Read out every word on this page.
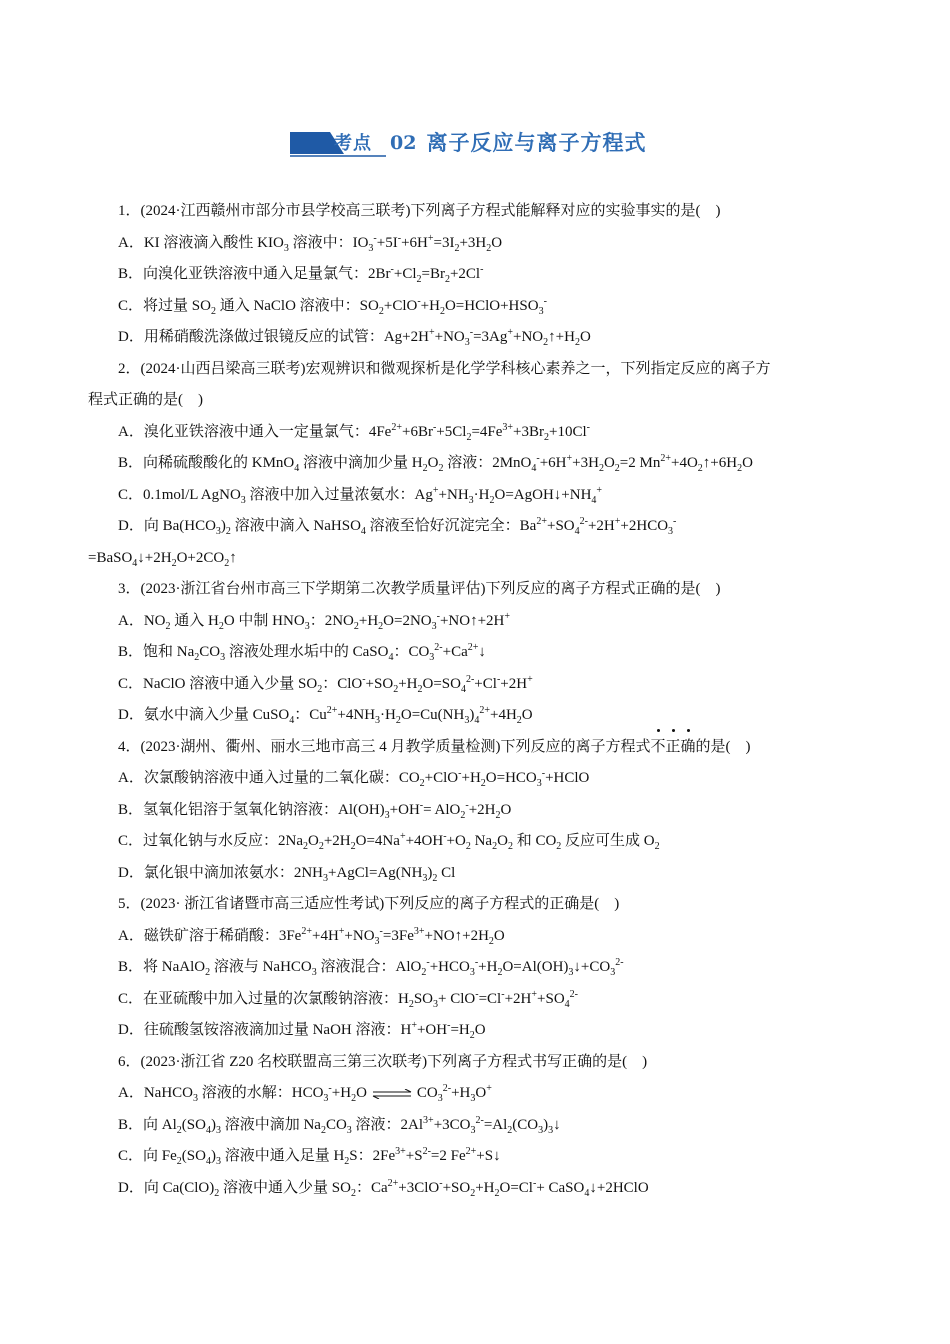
考点 02 离子反应与离子方程式
1．(2024·江西赣州市部分市县学校高三联考)下列离子方程式能解释对应的实验事实的是(　)
A．KI 溶液滴入酸性 $KIO_3$ 溶液中：$IO_3^-+5I^-+6H^+=3I_2+3H_2O$
B．向溴化亚铁溶液中通入足量氯气：$2Br^-+Cl_2=Br_2+2Cl^-$
C．将过量 $SO_2$ 通入 NaClO 溶液中：$SO_2+ClO^-+H_2O=HClO+HSO_3^-$
D．用稀硝酸洗涤做过银镜反应的试管：$Ag+2H^++NO_3^-=3Ag^++NO_2↑+H_2O$
2．(2024·山西吕梁高三联考)宏观辨识和微观探析是化学学科核心素养之一，下列指定反应的离子方
程式正确的是(　)
A．溴化亚铁溶液中通入一定量氯气：$4Fe^{2+}+6Br^-+5Cl_2=4Fe^{3+}+3Br_2+10Cl^-$
B．向稀硫酸酸化的 KMnO$_4$ 溶液中滴加少量 $H_2O_2$ 溶液：$2MnO_4^-+6H^++3H_2O_2=2$ $Mn^{2+}+4O_2↑+6H_2O$
C．0.1mol/L AgNO$_3$ 溶液中加入过量浓氨水：$Ag^++NH_3\cdot H_2O=AgOH↓+NH_4^+$
D．向 $Ba(HCO_3)_2$ 溶液中滴入 NaHSO$_4$ 溶液至恰好沉淀完全：$Ba^{2+}+SO_4^{2-}+2H^++2HCO_3^-$
$=BaSO_4↓+2H_2O+2CO_2↑$
3．(2023·浙江省台州市高三下学期第二次教学质量评估)下列反应的离子方程式正确的是(　)
A．$NO_2$ 通入 $H_2O$ 中制 $HNO_3$：$2NO_2+H_2O=2NO_3^-+NO↑+2H^+$
B．饱和 $Na_2CO_3$ 溶液处理水垢中的 CaSO$_4$：$CO_3^{2-}+Ca^{2+}↓$
C．NaClO 溶液中通入少量 $SO_2$：$ClO^-+SO_2+H_2O=SO_4^{2-}+Cl^-+2H^+$
D．氨水中滴入少量 CuSO$_4$：$Cu^{2+}+4NH_3\cdot H_2O=Cu(NH_3)_4^{2+}+4H_2O$
4．(2023·湖州、衢州、丽水三地市高三 4 月教学质量检测)下列反应的离子方程式不正确的是(　)
A．次氯酸钠溶液中通入过量的二氧化碳：$CO_2+ClO^-+H_2O=HCO_3^-+HClO$
B．氢氧化铝溶于氢氧化钠溶液：$Al(OH)_3+OH^-= AlO_2^-+2H_2O$
C．过氧化钠与水反应：$2Na_2O_2+2H_2O=4Na^++4OH^-+O_2$ $Na_2O_2$ 和 $CO_2$ 反应可生成 $O_2$
D．氯化银中滴加浓氨水：$2NH_3+AgCl=Ag(NH_3)_2$ Cl
5．(2023· 浙江省诸暨市高三适应性考试)下列反应的离子方程式的正确是(　)
A．磁铁矿溶于稀硝酸：$3Fe^{2+}+4H^++NO_3^-=3Fe^{3+}+NO↑+2H_2O$
B．将 NaAlO$_2$ 溶液与 NaHCO$_3$ 溶液混合：$AlO_2^-+HCO_3^-+H_2O=Al(OH)_3↓+CO_3^{2-}$
C．在亚硫酸中加入过量的次氯酸钠溶液：$H_2SO_3+ ClO^-=Cl^-+2H^++SO_4^{2-}$
D．往硫酸氢铵溶液滴加过量 NaOH 溶液：$H^++OH^-=H_2O$
6．(2023·浙江省 Z20 名校联盟高三第三次联考)下列离子方程式书写正确的是(　)
A．NaHCO$_3$ 溶液的水解：$HCO_3^-+H_2O$ ⇌ $CO_3^{2-}+H_3O^+$
B．向 $Al_2(SO_4)_3$ 溶液中滴加 $Na_2CO_3$ 溶液：$2Al^{3+}+3CO_3^{2-}=Al_2(CO_3)_3↓$
C．向 $Fe_2(SO_4)_3$ 溶液中通入足量 $H_2S$：$2Fe^{3+}+S^{2-}=2$ $Fe^{2+}+S↓$
D．向 $Ca(ClO)_2$ 溶液中通入少量 $SO_2$：$Ca^{2+}+3ClO^-+SO_2+H_2O=Cl^-+$ CaSO$_4$↓+2HClO
